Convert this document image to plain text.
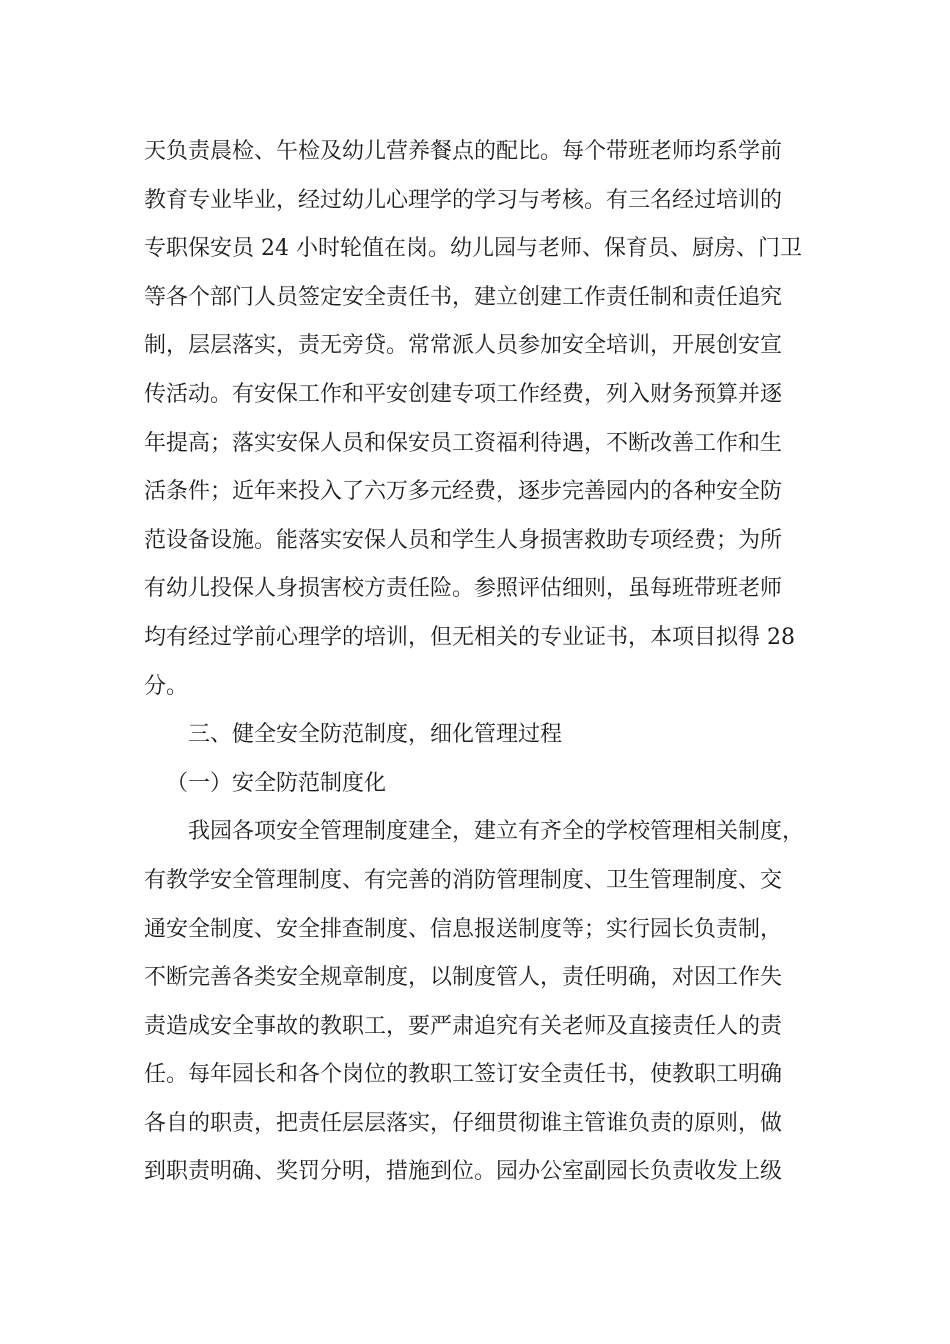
天负责晨检、午检及幼儿营养餐点的配比。每个带班老师均系学前
教育专业毕业，经过幼儿心理学的学习与考核。有三名经过培训的
专职保安员 24 小时轮值在岗。幼儿园与老师、保育员、厨房、门卫
等各个部门人员签定安全责任书，建立创建工作责任制和责任追究
制，层层落实，责无旁贷。常常派人员参加安全培训，开展创安宣
传活动。有安保工作和平安创建专项工作经费，列入财务预算并逐
年提高；落实安保人员和保安员工资福利待遇，不断改善工作和生
活条件；近年来投入了六万多元经费，逐步完善园内的各种安全防
范设备设施。能落实安保人员和学生人身损害救助专项经费；为所
有幼儿投保人身损害校方责任险。参照评估细则，虽每班带班老师
均有经过学前心理学的培训，但无相关的专业证书，本项目拟得 28
分。
三、健全安全防范制度，细化管理过程
（一）安全防范制度化
我园各项安全管理制度建全，建立有齐全的学校管理相关制度，
有教学安全管理制度、有完善的消防管理制度、卫生管理制度、交
通安全制度、安全排查制度、信息报送制度等；实行园长负责制，
不断完善各类安全规章制度，以制度管人，责任明确，对因工作失
责造成安全事故的教职工，要严肃追究有关老师及直接责任人的责
任。每年园长和各个岗位的教职工签订安全责任书，使教职工明确
各自的职责，把责任层层落实，仔细贯彻谁主管谁负责的原则，做
到职责明确、奖罚分明，措施到位。园办公室副园长负责收发上级
